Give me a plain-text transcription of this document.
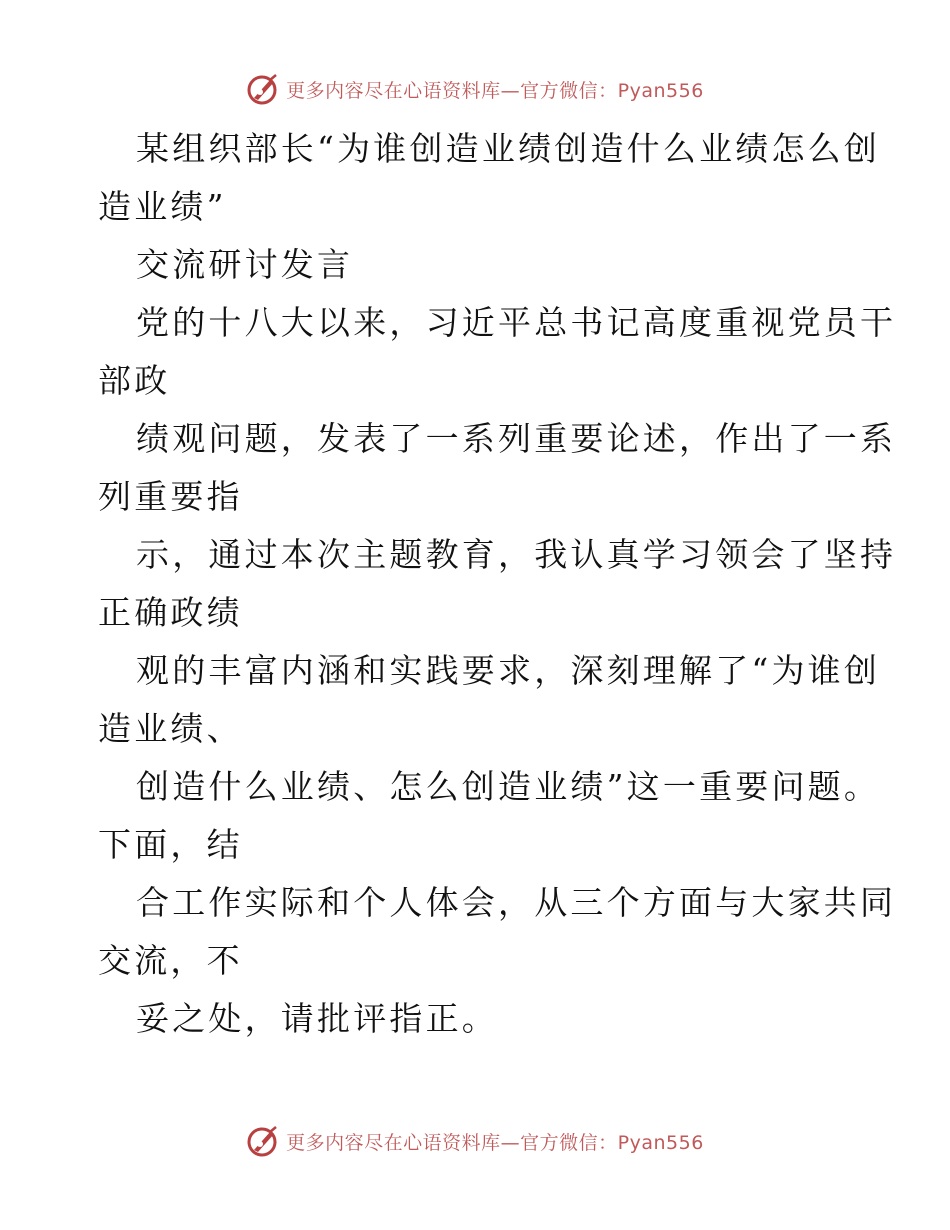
更多内容尽在心语资料库—官方微信：Pyan556
某组织部长“为谁创造业绩创造什么业绩怎么创
造业绩”
交流研讨发言
党的十八大以来，习近平总书记高度重视党员干
部政
绩观问题，发表了一系列重要论述，作出了一系
列重要指
示，通过本次主题教育，我认真学习领会了坚持
正确政绩
观的丰富内涵和实践要求，深刻理解了“为谁创
造业绩、
创造什么业绩、怎么创造业绩”这一重要问题。
下面，结
合工作实际和个人体会，从三个方面与大家共同
交流，不
妥之处，请批评指正。
更多内容尽在心语资料库—官方微信：Pyan556
